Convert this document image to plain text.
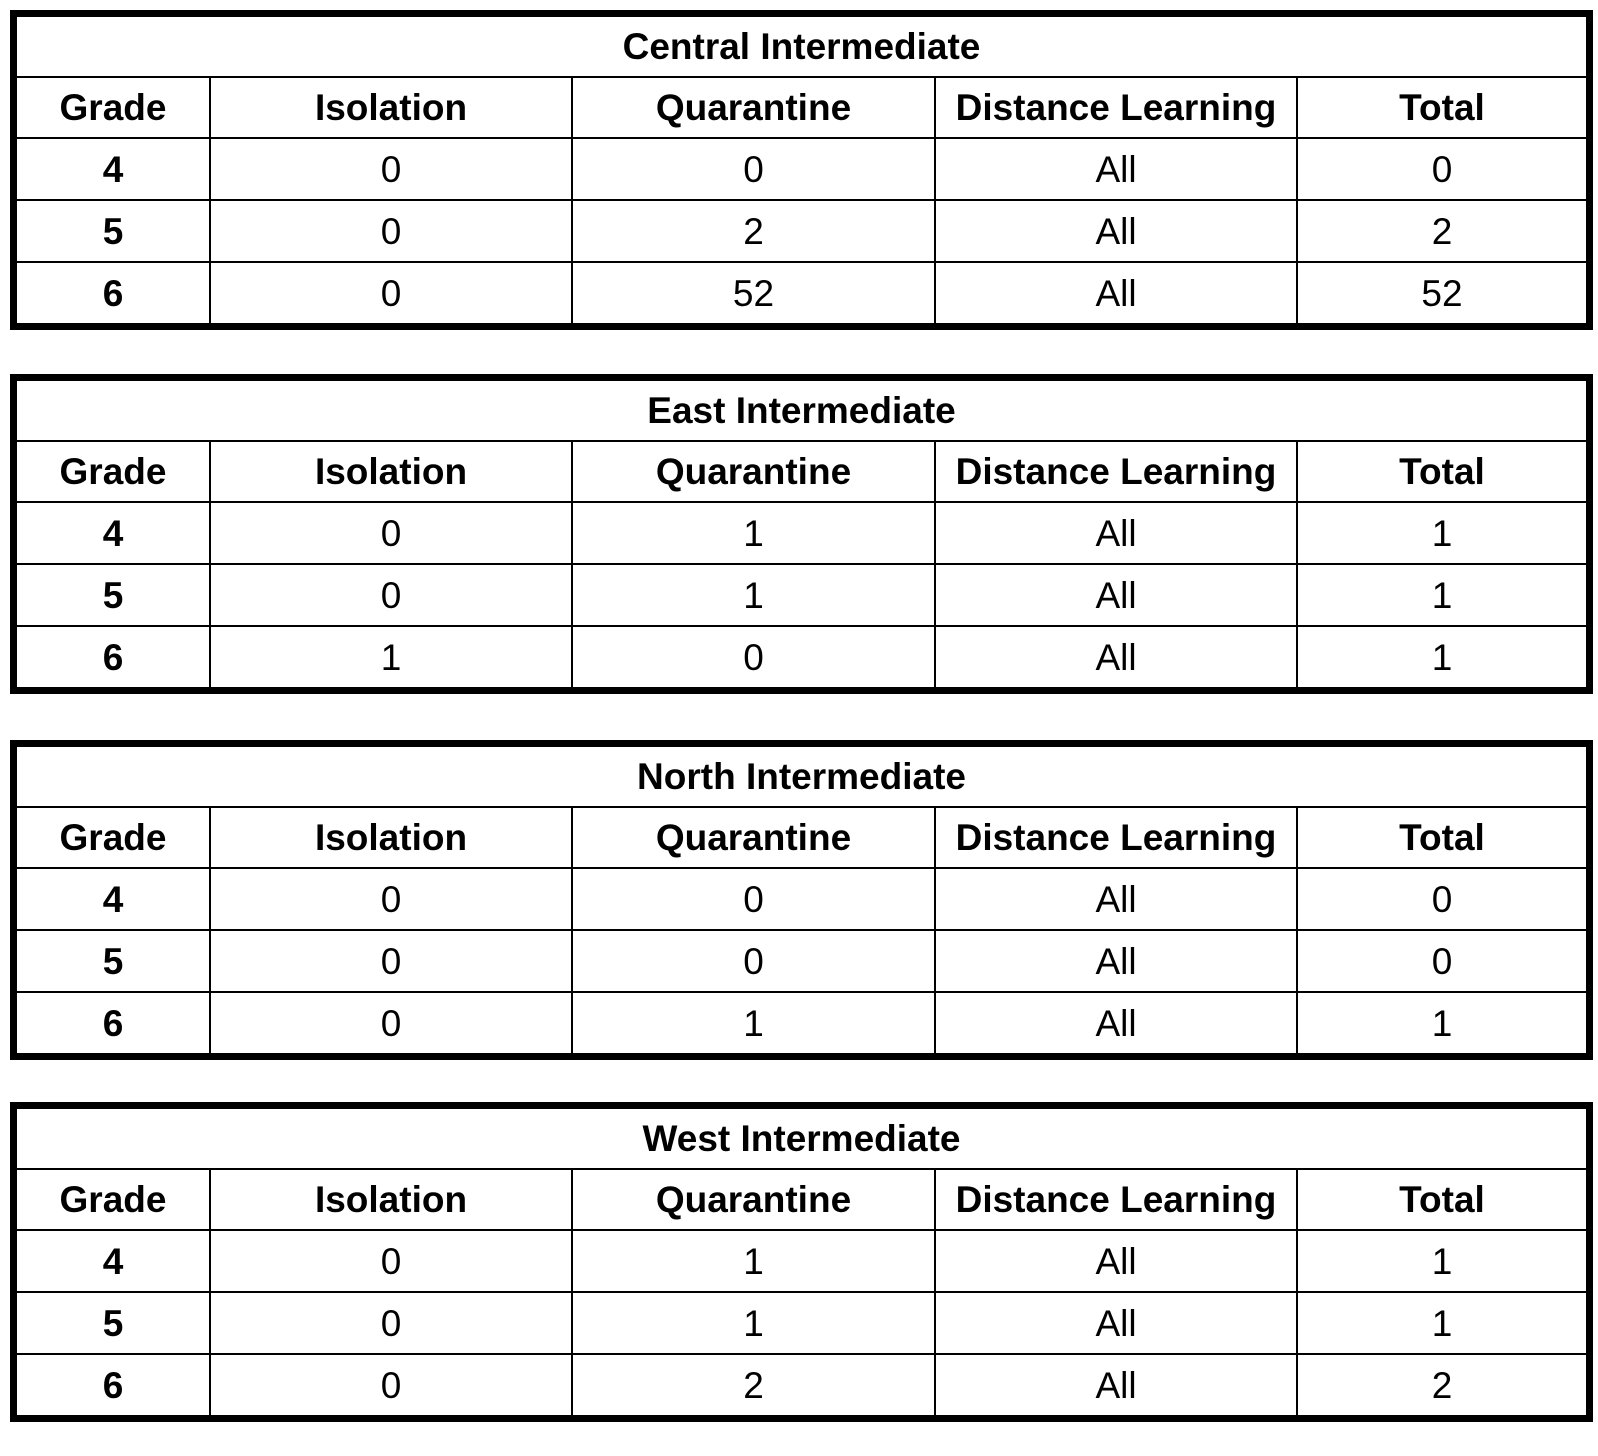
Central Intermediate				
Grade	Isolation	Quarantine	Distance Learning	Total
4	0	0	All	0
5	0	2	All	2
6	0	52	All	52
East Intermediate				
Grade	Isolation	Quarantine	Distance Learning	Total
4	0	1	All	1
5	0	1	All	1
6	1	0	All	1
North Intermediate				
Grade	Isolation	Quarantine	Distance Learning	Total
4	0	0	All	0
5	0	0	All	0
6	0	1	All	1
West Intermediate				
Grade	Isolation	Quarantine	Distance Learning	Total
4	0	1	All	1
5	0	1	All	1
6	0	2	All	2
